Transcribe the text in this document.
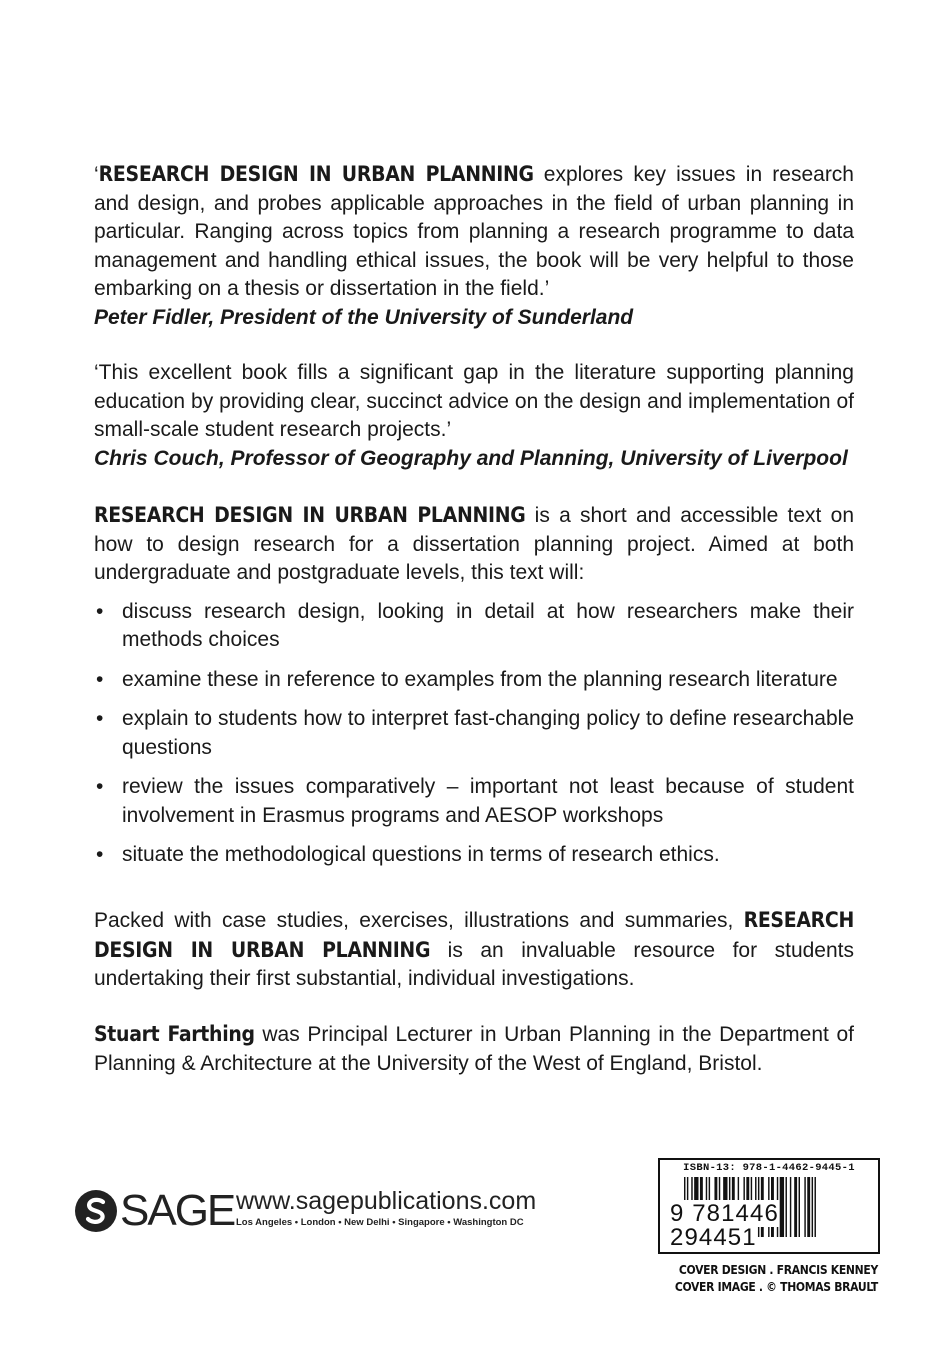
‘RESEARCH DESIGN IN URBAN PLANNING explores key issues in research and design, and probes applicable approaches in the field of urban planning in particular. Ranging across topics from planning a research programme to data management and handling ethical issues, the book will be very helpful to those embarking on a thesis or dissertation in the field.’
Peter Fidler, President of the University of Sunderland
‘This excellent book fills a significant gap in the literature supporting planning education by providing clear, succinct advice on the design and implementation of small-scale student research projects.’
Chris Couch, Professor of Geography and Planning, University of Liverpool
RESEARCH DESIGN IN URBAN PLANNING is a short and accessible text on how to design research for a dissertation planning project. Aimed at both undergraduate and postgraduate levels, this text will:
• discuss research design, looking in detail at how researchers make their methods choices
• examine these in reference to examples from the planning research literature
• explain to students how to interpret fast-changing policy to define researchable questions
• review the issues comparatively – important not least because of student involvement in Erasmus programs and AESOP workshops
• situate the methodological questions in terms of research ethics.
Packed with case studies, exercises, illustrations and summaries, RESEARCH DESIGN IN URBAN PLANNING is an invaluable resource for students undertaking their first substantial, individual investigations.
Stuart Farthing was Principal Lecturer in Urban Planning in the Department of Planning & Architecture at the University of the West of England, Bristol.
SAGE www.sagepublications.com
Los Angeles • London • New Delhi • Singapore • Washington DC
ISBN-13: 978-1-4462-9445-1
9 781446 294451
COVER DESIGN . FRANCIS KENNEY
COVER IMAGE . © THOMAS BRAULT
